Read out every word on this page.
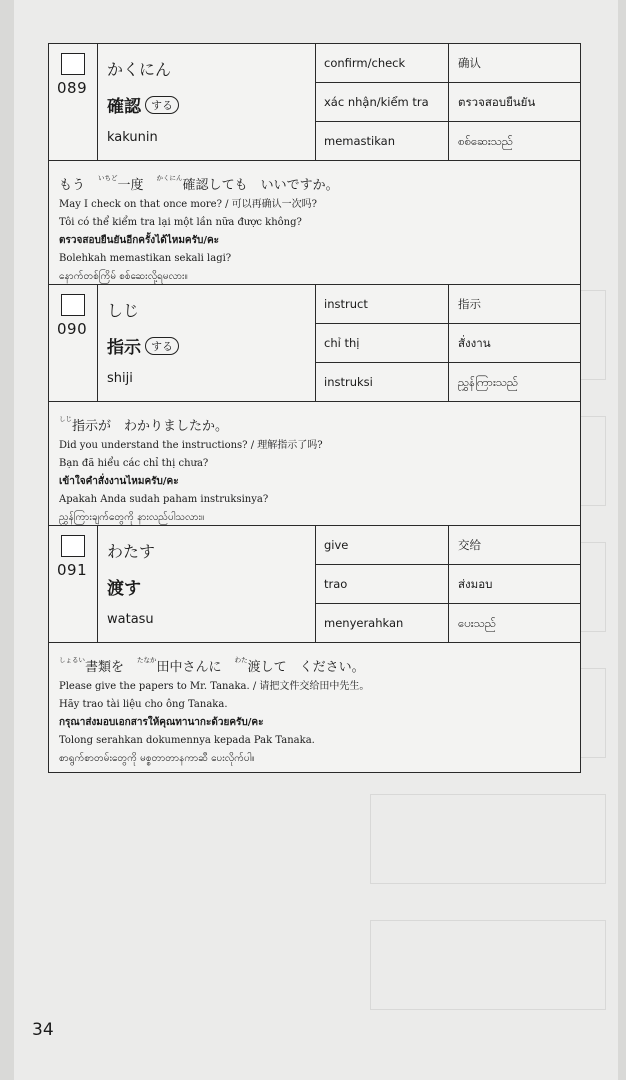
089
かくにん
確認 する
kakunin
confirm/check	确认
xác nhận/kiểm tra	ตรวจสอบยืนยัน
memastikan	စစ်ဆေးသည်
もう　$^{いちど}$一度　 $^{かくにん}$確認しても　いいですか。
May I check on that once more? / 可以再确认一次吗?
Tôi có thể kiểm tra lại một lần nữa được không?
ตรวจสอบยืนยันอีกครั้งได้ไหมครับ/คะ
Bolehkah memastikan sekali lagi?
နောက်တစ်ကြိမ် စစ်ဆေးလို့ရမလား။
090
しじ
指示 する
shiji
instruct	指示
chỉ thị	สั่งงาน
instruksi	ညွှန်ကြားသည်
$^{しじ}$指示が　わかりましたか。
Did you understand the instructions? / 理解指示了吗?
Bạn đã hiểu các chỉ thị chưa?
เข้าใจคำสั่งงานไหมครับ/คะ
Apakah Anda sudah paham instruksinya?
ညွှန်ကြားချက်တွေကို နားလည်ပါသလား။
091
わたす
渡す
watasu
give	交给
trao	ส่งมอบ
menyerahkan	ပေးသည်
$^{しょるい}$書類を　$^{たなか}$田中さんに　$^{わた}$渡して　ください。
Please give the papers to Mr. Tanaka. / 请把文件交给田中先生。
Hãy trao tài liệu cho ông Tanaka.
กรุณาส่งมอบเอกสารให้คุณทานากะด้วยครับ/คะ
Tolong serahkan dokumennya kepada Pak Tanaka.
စာရွက်စာတမ်းတွေကို မစ္စတာတာနကာဆီ ပေးလိုက်ပါ။
34
